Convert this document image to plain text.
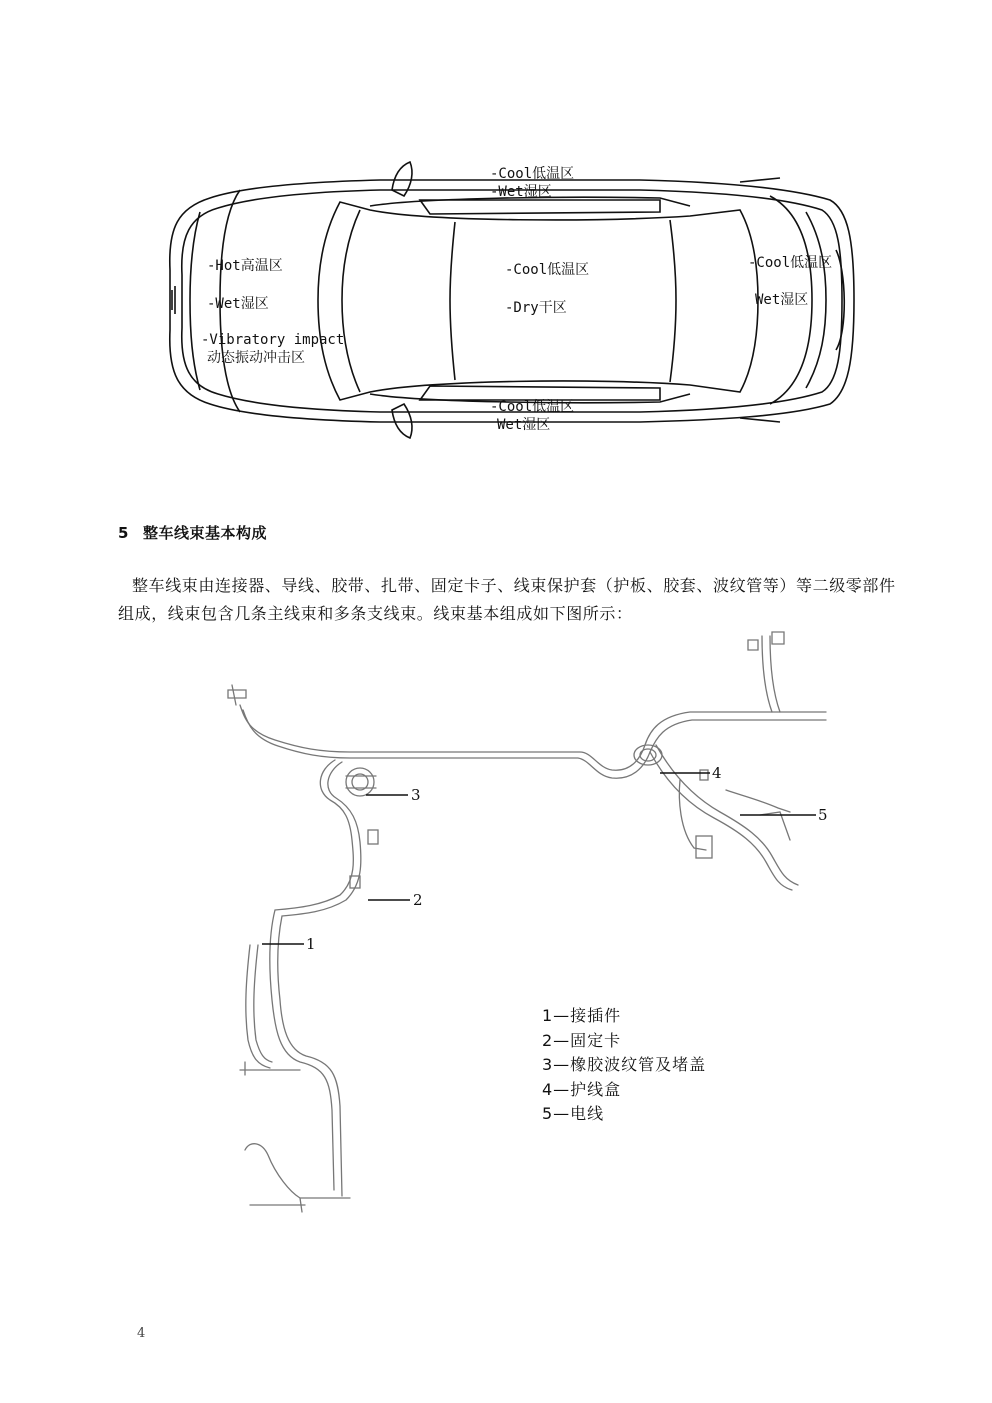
-Cool低温区
-Wet湿区
-Hot高温区
-Wet湿区
-Vibratory impact
动态振动冲击区
-Cool低温区
-Dry干区
-Cool低温区
Wet湿区
-Cool低温区
Wet湿区
5 整车线束基本构成
整车线束由连接器、导线、胶带、扎带、固定卡子、线束保护套（护板、胶套、波纹管等）等二级零部件组成，线束包含几条主线束和多条支线束。线束基本组成如下图所示：
3
2
1
4
5
1—接插件
2—固定卡
3—橡胶波纹管及堵盖
4—护线盒
5—电线
4
